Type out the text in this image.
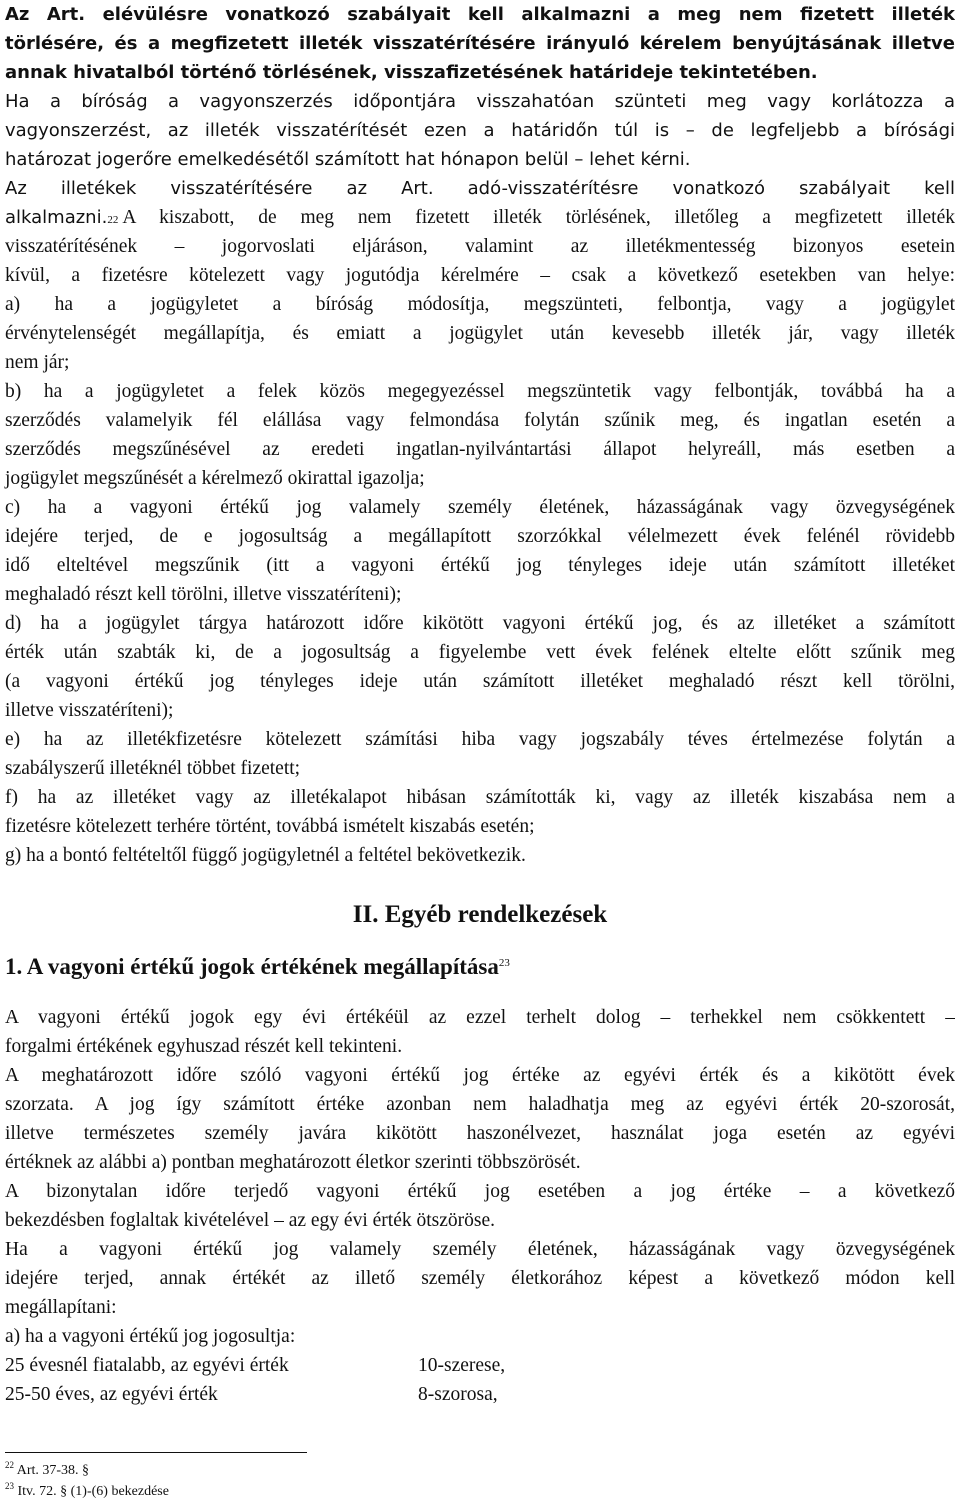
Az Art. elévülésre vonatkozó szabályait kell alkalmazni a meg nem fizetett illeték
törlésére, és a megfizetett illeték visszatérítésére irányuló kérelem benyújtásának illetve
annak hivatalból történő törlésének, visszafizetésének határideje tekintetében.
Ha a bíróság a vagyonszerzés időpontjára visszahatóan szünteti meg vagy korlátozza a
vagyonszerzést, az illeték visszatérítését ezen a határidőn túl is – de legfeljebb a bírósági
határozat jogerőre emelkedésétől számított hat hónapon belül – lehet kérni.
Az illetékek visszatérítésére az Art. adó-visszatérítésre vonatkozó szabályait kell
alkalmazni. 22 A kiszabott, de meg nem fizetett illeték törlésének, illetőleg a megfizetett illeték
visszatérítésének – jogorvoslati eljáráson, valamint az illetékmentesség bizonyos esetein
kívül, a fizetésre kötelezett vagy jogutódja kérelmére – csak a következő esetekben van helye:
a) ha a jogügyletet a bíróság módosítja, megszünteti, felbontja, vagy a jogügylet
érvénytelenségét megállapítja, és emiatt a jogügylet után kevesebb illeték jár, vagy illeték
nem jár;
b) ha a jogügyletet a felek közös megegyezéssel megszüntetik vagy felbontják, továbbá ha a
szerződés valamelyik fél elállása vagy felmondása folytán szűnik meg, és ingatlan esetén a
szerződés megszűnésével az eredeti ingatlan-nyilvántartási állapot helyreáll, más esetben a
jogügylet megszűnését a kérelmező okirattal igazolja;
c) ha a vagyoni értékű jog valamely személy életének, házasságának vagy özvegységének
idejére terjed, de e jogosultság a megállapított szorzókkal vélelmezett évek felénél rövidebb
idő elteltével megszűnik (itt a vagyoni értékű jog tényleges ideje után számított illetéket
meghaladó részt kell törölni, illetve visszatéríteni);
d) ha a jogügylet tárgya határozott időre kikötött vagyoni értékű jog, és az illetéket a számított
érték után szabták ki, de a jogosultság a figyelembe vett évek felének eltelte előtt szűnik meg
(a vagyoni értékű jog tényleges ideje után számított illetéket meghaladó részt kell törölni,
illetve visszatéríteni);
e) ha az illetékfizetésre kötelezett számítási hiba vagy jogszabály téves értelmezése folytán a
szabályszerű illetéknél többet fizetett;
f) ha az illetéket vagy az illetékalapot hibásan számították ki, vagy az illeték kiszabása nem a
fizetésre kötelezett terhére történt, továbbá ismételt kiszabás esetén;
g) ha a bontó feltételtől függő jogügyletnél a feltétel bekövetkezik.
II. Egyéb rendelkezések
1. A vagyoni értékű jogok értékének megállapítása$^{23}$
A vagyoni értékű jogok egy évi értékéül az ezzel terhelt dolog – terhekkel nem csökkentett –
forgalmi értékének egyhuszad részét kell tekinteni.
A meghatározott időre szóló vagyoni értékű jog értéke az egyévi érték és a kikötött évek
szorzata. A jog így számított értéke azonban nem haladhatja meg az egyévi érték 20-szorosát,
illetve természetes személy javára kikötött haszonélvezet, használat joga esetén az egyévi
értéknek az alábbi a) pontban meghatározott életkor szerinti többszörösét.
A bizonytalan időre terjedő vagyoni értékű jog esetében a jog értéke – a következő
bekezdésben foglaltak kivételével – az egy évi érték ötszöröse.
Ha a vagyoni értékű jog valamely személy életének, házasságának vagy özvegységének
idejére terjed, annak értékét az illető személy életkorához képest a következő módon kell
megállapítani:
a) ha a vagyoni értékű jog jogosultja:
25 évesnél fiatalabb, az egyévi érték	10-szerese,
25-50 éves, az egyévi érték	8-szorosa,
$^{22}$ Art. 37-38. §
$^{23}$ Itv. 72. § (1)-(6) bekezdése
